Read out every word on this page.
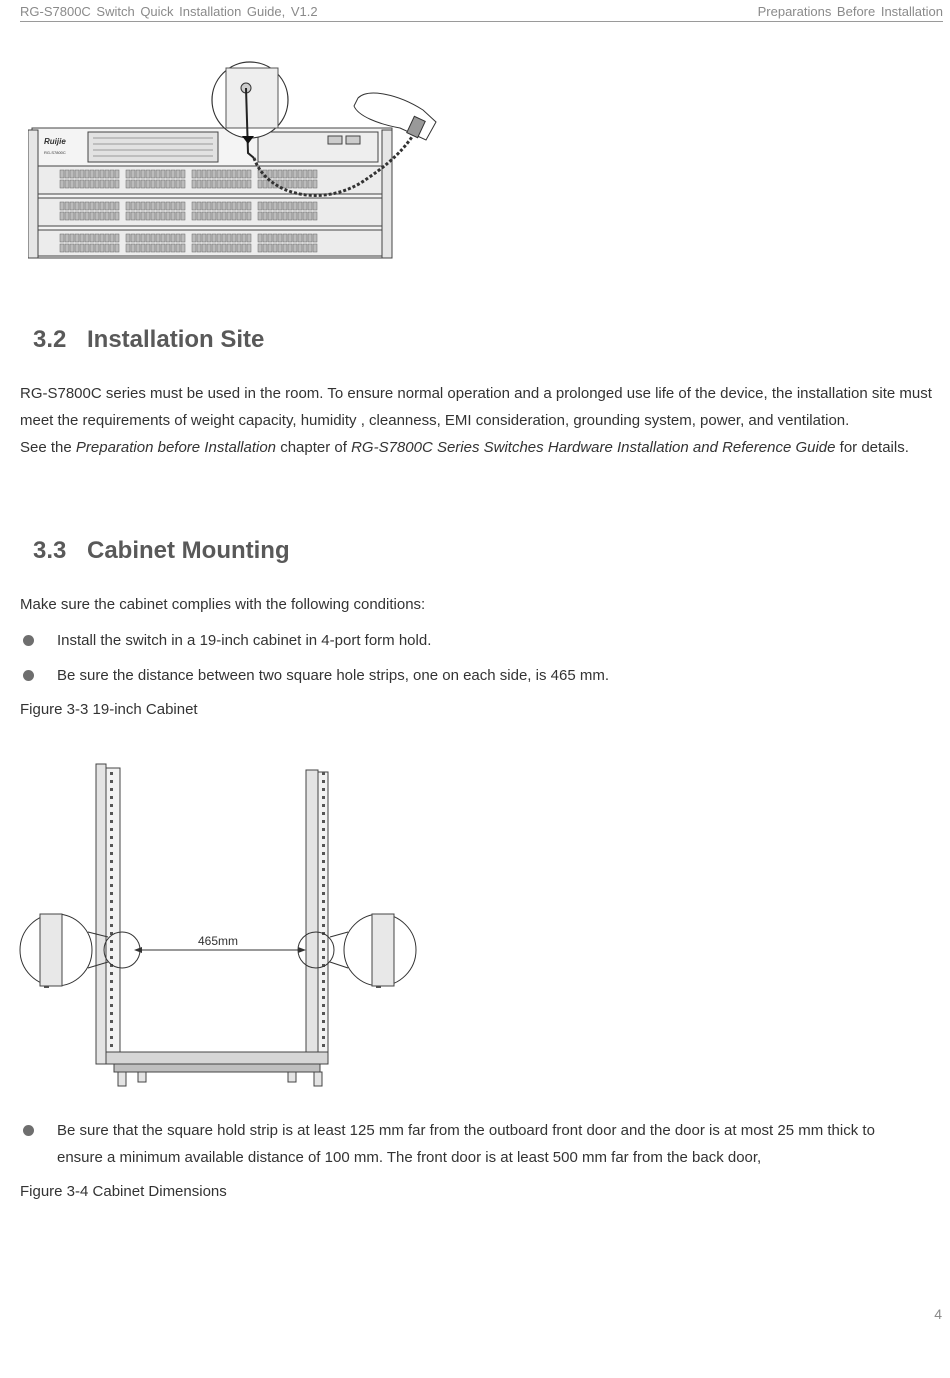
RG-S7800C Switch Quick Installation Guide, V1.2	Preparations Before Installation
Ruijie
RG-S7800C
3.2 Installation Site
RG-S7800C series must be used in the room. To ensure normal operation and a prolonged use life of the device, the installation site must meet the requirements of weight capacity, humidity , cleanness, EMI consideration, grounding system, power, and ventilation.
See the Preparation before Installation chapter of RG-S7800C Series Switches Hardware Installation and Reference Guide for details.
3.3 Cabinet Mounting
Make sure the cabinet complies with the following conditions:
Install the switch in a 19-inch cabinet in 4-port form hold.
Be sure the distance between two square hole strips, one on each side, is 465 mm.
Figure 3-3 19-inch Cabinet
465mm
Be sure that the square hold strip is at least 125 mm far from the outboard front door and the door is at most 25 mm thick to ensure a minimum available distance of 100 mm. The front door is at least 500 mm far from the back door,
Figure 3-4 Cabinet Dimensions
4
